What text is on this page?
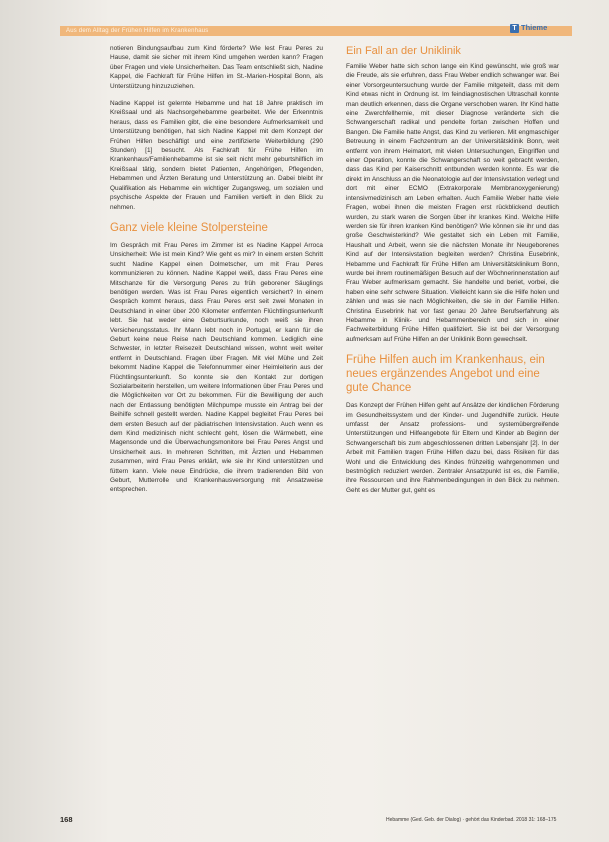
Aus dem Alltag der Frühen Hilfen im Krankenhaus	T Thieme

notieren Bindungsaufbau zum Kind förderte? Wie lest Frau Peres zu Hause, damit sie sicher mit ihrem Kind umgehen werden kann? Fragen über Fragen und viele Unsicherheiten. Das Team entschließt sich, Nadine Kappel, die Fachkraft für Frühe Hilfen im St.-Marien-Hospital Bonn, als Unterstützung hinzuzuziehen.

Nadine Kappel ist gelernte Hebamme und hat 18 Jahre praktisch im Kreißsaal und als Nachsorgehebamme gearbeitet. Wie der Erkenntnis heraus, dass es Familien gibt, die eine besondere Aufmerksamkeit und Unterstützung benötigen, hat sich Nadine Kappel mit dem Konzept der Frühen Hilfen beschäftigt und eine zertifizierte Weiterbildung (290 Stunden) [1] besucht. Als Fachkraft für Frühe Hilfen im Krankenhaus/Familienhebamme ist sie seit nicht mehr geburtshilflich im Kreißsaal tätig, sondern bietet Patienten, Angehörigen, Pflegenden, Hebammen und Ärzten Beratung und Unterstützung an. Dabei bleibt ihr Qualifikation als Hebamme ein wichtiger Zugangsweg, um sozialen und psychische Aspekte der Frauen und Familien vertieft in den Blick zu nehmen.

Ganz viele kleine Stolpersteine

Im Gespräch mit Frau Peres im Zimmer ist es Nadine Kappel Arroca Unsicherheit: Wie ist mein Kind? Wie geht es mir? In einem ersten Schritt sucht Nadine Kappel einen Dolmetscher, um mit Frau Peres kommunizieren zu können. Nadine Kappel weiß, dass Frau Peres eine Mitschanze für die Versorgung Peres zu früh geborener Säuglings benötigen werden. Was ist Frau Peres eigentlich versichert? In einem Gespräch kommt heraus, dass Frau Peres erst seit zwei Monaten in Deutschland in einer über 200 Kilometer entfernten Flüchtlingsunterkunft lebt. Sie hat weder eine Geburtsurkunde, noch weiß sie ihren Versicherungsstatus. Ihr Mann lebt noch in Portugal, er kann für die Geburt keine neue Reise nach Deutschland kommen. Lediglich eine Schwester, in letzter Reisezeit Deutschland wissen, wohnt weit weiter entfernt in Deutschland. Fragen über Fragen. Mit viel Mühe und Zeit bekommt Nadine Kappel die Telefonnummer einer Heimleiterin aus der Flüchtlingsunterkunft. So konnte sie den Kontakt zur dortigen Sozialarbeiterin herstellen, um weitere Informationen über Frau Peres und die Möglichkeiten vor Ort zu bekommen. Für die Bewilligung der auch nach der Entlassung benötigten Milchpumpe musste ein Antrag bei der Beihilfe schnell gestellt werden. Nadine Kappel begleitet Frau Peres bei dem ersten Besuch auf der pädiatrischen Intensivstation. Auch wenn es dem Kind medizinisch nicht schlecht geht, lösen die Wärmebett, eine Magensonde und die Überwachungsmonitore bei Frau Peres Angst und Unsicherheit aus. In mehreren Schritten, mit Ärzten und Hebammen zusammen, wird Frau Peres erklärt, wie sie ihr Kind unterstützen und füttern kann. Viele neue Eindrücke, die ihrem tradierenden Bild von Geburt, Mutterrolle und Krankenhausversorgung mit Ansatzweise entsprechen.

Ein Fall an der Uniklinik

Familie Weber hatte sich schon lange ein Kind gewünscht, wie groß war die Freude, als sie erfuhren, dass Frau Weber endlich schwanger war. Bei einer Vorsorgeuntersuchung wurde der Familie mitgeteilt, dass mit dem Kind etwas nicht in Ordnung ist. Im feindiagnostischen Ultraschall konnte man deutlich erkennen, dass die Organe verschoben waren. Ihr Kind hatte eine Zwerchfellhernie, mit dieser Diagnose veränderte sich die Schwangerschaft radikal und pendelte fortan zwischen Hoffen und Bangen. Die Familie hatte Angst, das Kind zu verlieren. Mit engmaschiger Betreuung in einem Fachzentrum an der Universitätsklinik Bonn, weit entfernt von ihrem Heimatort, mit vielen Untersuchungen, Eingriffen und einer Operation, konnte die Schwangerschaft so weit gebracht werden, dass das Kind per Kaiserschnitt entbunden werden konnte. Es war die direkt im Anschluss an die Neonatologie auf der Intensivstation verlegt und dort mit einer ECMO (Extrakorporale Membranoxygenierung) intensivmedizinisch am Leben erhalten. Auch Familie Weber hatte viele Fragen, wobei ihnen die meisten Fragen erst rückblickend deutlich wurden, zu stark waren die Sorgen über ihr krankes Kind. Welche Hilfe werden sie für ihren kranken Kind benötigen? Wie können sie ihr und das große Geschwisterkind? Wie gestaltet sich ein Leben mit Familie, Haushalt und Arbeit, wenn sie die nächsten Monate ihr Neugeborenes Kind auf der Intensivstation begleiten werden? Christina Eusebrink, Hebamme und Fachkraft für Frühe Hilfen am Universitätsklinikum Bonn, wurde bei ihrem routinemäßigen Besuch auf der Wöchnerinnenstation auf Frau Weber aufmerksam gemacht. Sie handelte und beriet, vorbei, die haben eine sehr schwere Situation. Vielleicht kann sie die Hilfe holen und zählen und was sie nach Möglichkeiten, die sie in der Familie Hilfen. Christina Eusebrink hat vor fast genau 20 Jahre Berufserfahrung als Hebamme in Klinik- und Hebammenbereich und sich in einer Fachweiterbildung Frühe Hilfen qualifiziert. Sie ist bei der Versorgung aufmerksam auf Frühe Hilfen an der Uniklinik Bonn gewechselt.

Frühe Hilfen auch im Krankenhaus, ein neues ergänzendes Angebot und eine gute Chance

Das Konzept der Frühen Hilfen geht auf Ansätze der kindlichen Förderung im Gesundheitssystem und der Kinder- und Jugendhilfe zurück. Heute umfasst der Ansatz professions- und systemübergreifende Unterstützungen und Hilfeangebote für Eltern und Kinder ab Beginn der Schwangerschaft bis zum abgeschlossenen dritten Lebensjahr [2]. In der Arbeit mit Familien tragen Frühe Hilfen dazu bei, dass Risiken für das Wohl und die Entwicklung des Kindes frühzeitig wahrgenommen und bestmöglich reduziert werden. Zentraler Ansatzpunkt ist es, die Familie, ihre Ressourcen und ihre Rahmenbedingungen in den Blick zu nehmen. Geht es der Mutter gut, geht es

168	Hebamme (Ged. Geb. der Dialog) · gehört das Kinderbad. 2018 31: 168–175
